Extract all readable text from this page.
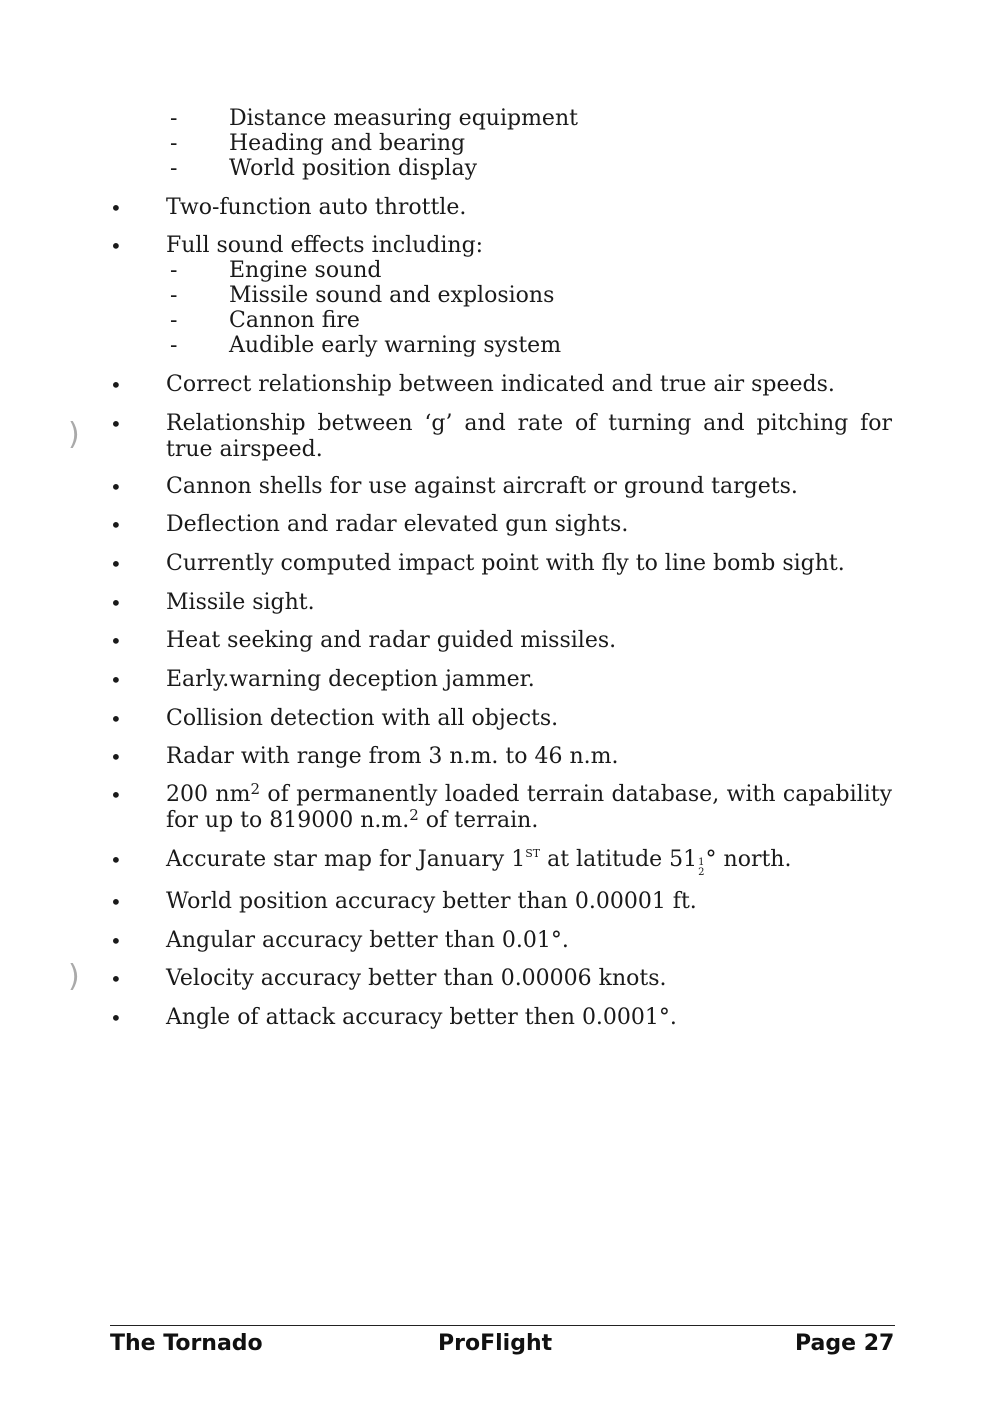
- Distance measuring equipment
- Heading and bearing
- World position display
• Two-function auto throttle.
• Full sound effects including:
- Engine sound
- Missile sound and explosions
- Cannon fire
- Audible early warning system
• Correct relationship between indicated and true air speeds.
• Relationship between ‘g’ and rate of turning and pitching for true airspeed.
• Cannon shells for use against aircraft or ground targets.
• Deflection and radar elevated gun sights.
• Currently computed impact point with fly to line bomb sight.
• Missile sight.
• Heat seeking and radar guided missiles.
• Early.warning deception jammer.
• Collision detection with all objects.
• Radar with range from 3 n.m. to 46 n.m.
• 200 $nm^2$ of permanently loaded terrain database, with capability for up to 819000 n.m.$^2$ of terrain.
• Accurate star map for January 1ST at latitude 51 1
2
° north.
• World position accuracy better than 0.00001 ft.
• Angular accuracy better than 0.01°.
• Velocity accuracy better than 0.00006 knots.
• Angle of attack accuracy better then 0.0001°.
)
)
The Tornado	ProFlight	Page 27
